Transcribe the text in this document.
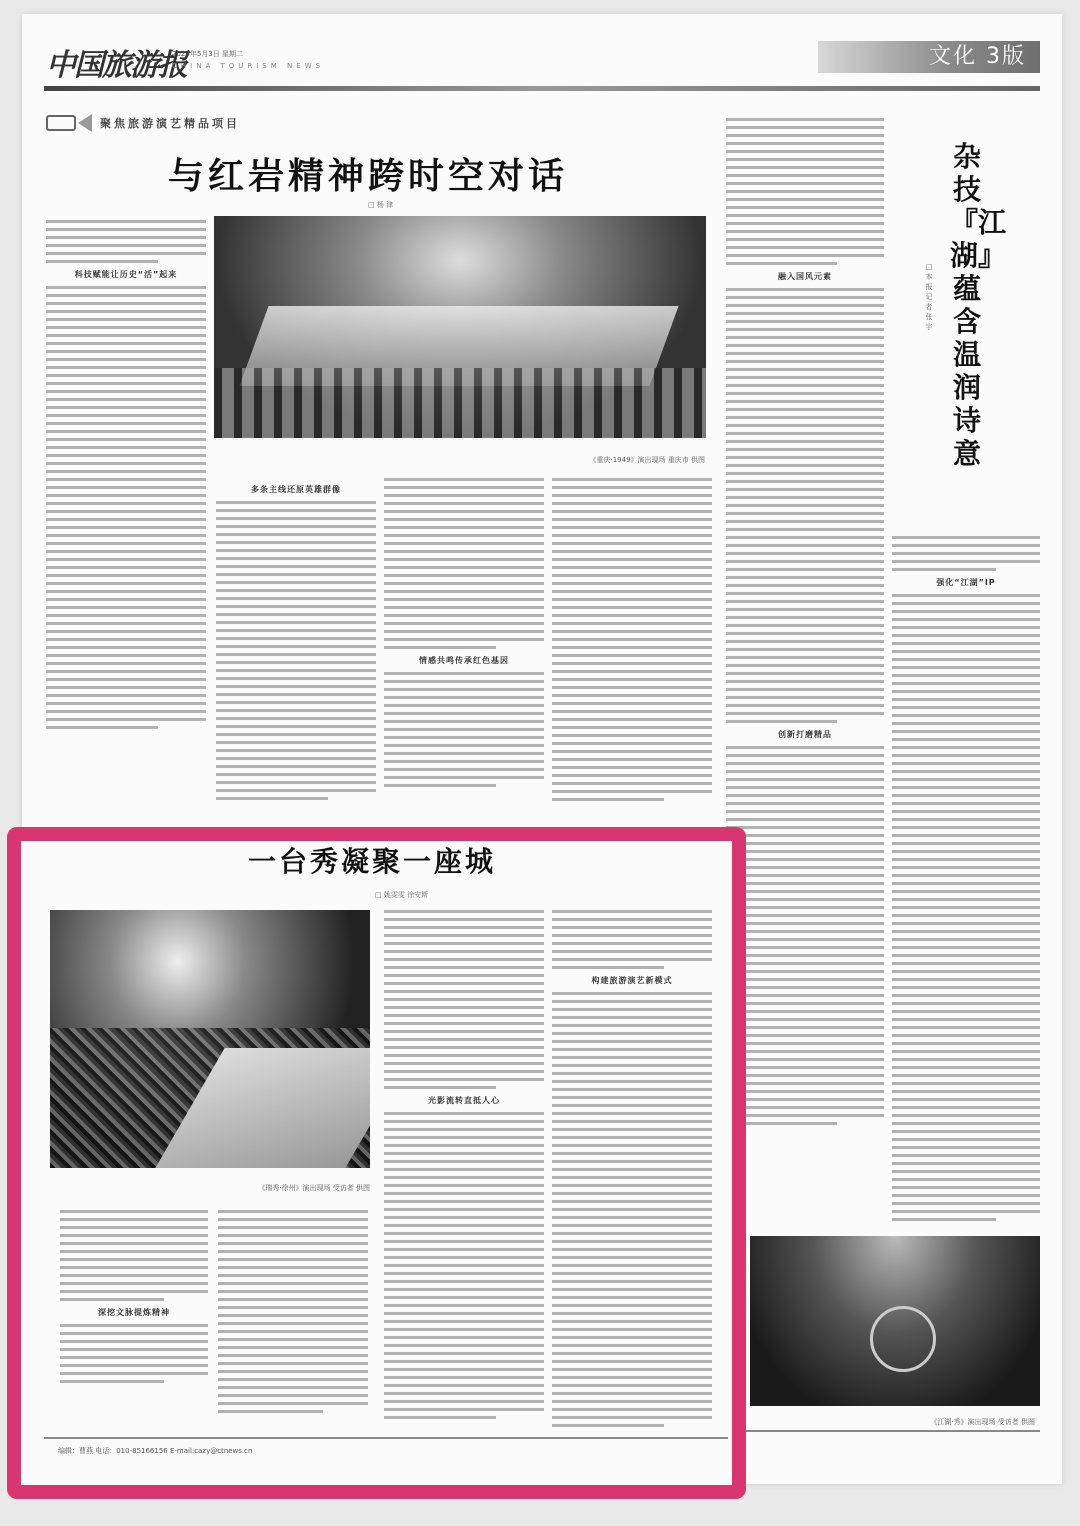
中国旅游报
2024年5月3日 星期二
CHINA TOURISM NEWS	文化 3版
聚焦旅游演艺精品项目
与红岩精神跨时空对话
□ 杨 津
《重庆·1949》演出现场 重庆市 供图
科技赋能让历史“活”起来
多条主线还原英雄群像
情感共鸣传承红色基因
杂技『江湖』蕴含温润诗意
□ 本报记者 张宇
融入国风元素
创新打磨精品
强化“江湖”IP
《江湖·秀》演出现场 受访者 供图
一台秀凝聚一座城
□ 姚雯雯 徐安斯
《瑞秀·徐州》演出现场 受访者 供图
深挖文脉提炼精神
光影流转直抵人心
构建旅游演艺新模式
编辑：曹燕 电话：010-85166156 E-mail:cazy@ctnews.cn
